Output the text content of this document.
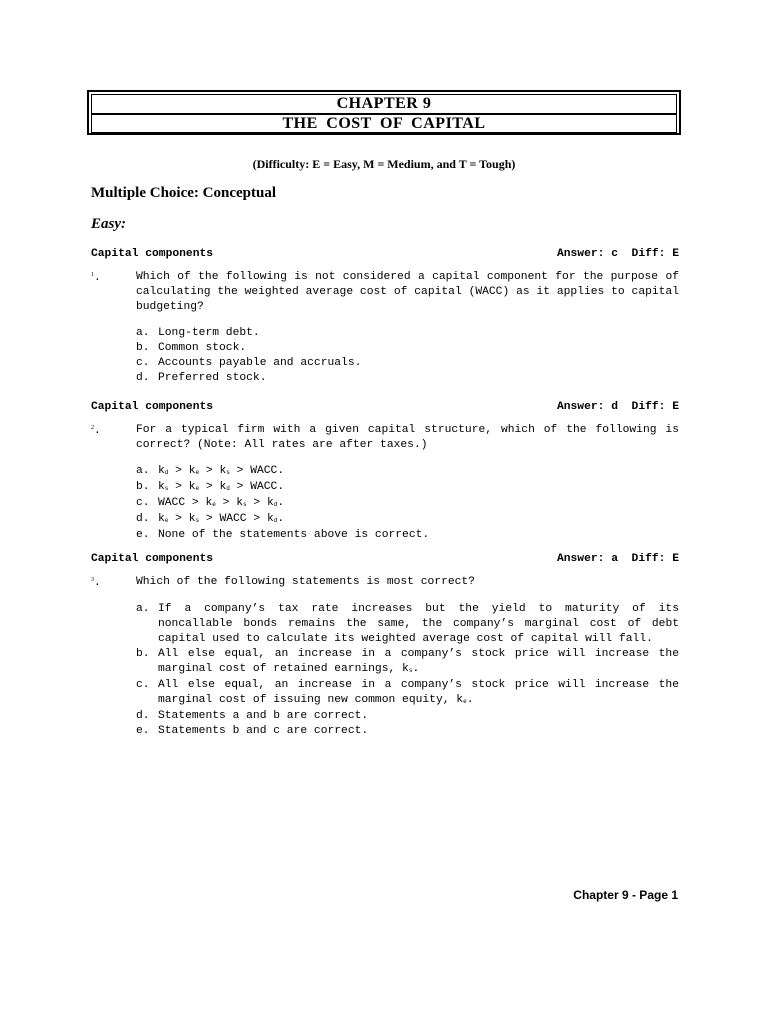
CHAPTER 9
THE COST OF CAPITAL
(Difficulty: E = Easy, M = Medium, and T = Tough)
Multiple Choice: Conceptual
Easy:
Capital components	Answer: c  Diff: E
1.	Which of the following is not considered a capital component for the purpose of calculating the weighted average cost of capital (WACC) as it applies to capital budgeting?
a. Long-term debt.
b. Common stock.
c. Accounts payable and accruals.
d. Preferred stock.
Capital components	Answer: d  Diff: E
2.	For a typical firm with a given capital structure, which of the following is correct? (Note: All rates are after taxes.)
a. $k_d > k_e > k_s$ > WACC.
b. $k_s > k_e > k_d$ > WACC.
c. WACC > $k_e > k_s > k_d$.
d. $k_e > k_s$ > WACC > $k_d$.
e. None of the statements above is correct.
Capital components	Answer: a  Diff: E
3.	Which of the following statements is most correct?
a. If a company’s tax rate increases but the yield to maturity of its noncallable bonds remains the same, the company’s marginal cost of debt capital used to calculate its weighted average cost of capital will fall.
b. All else equal, an increase in a company’s stock price will increase the marginal cost of retained earnings, $k_s$.
c. All else equal, an increase in a company’s stock price will increase the marginal cost of issuing new common equity, $k_e$.
d. Statements a and b are correct.
e. Statements b and c are correct.
Chapter 9 - Page 1
